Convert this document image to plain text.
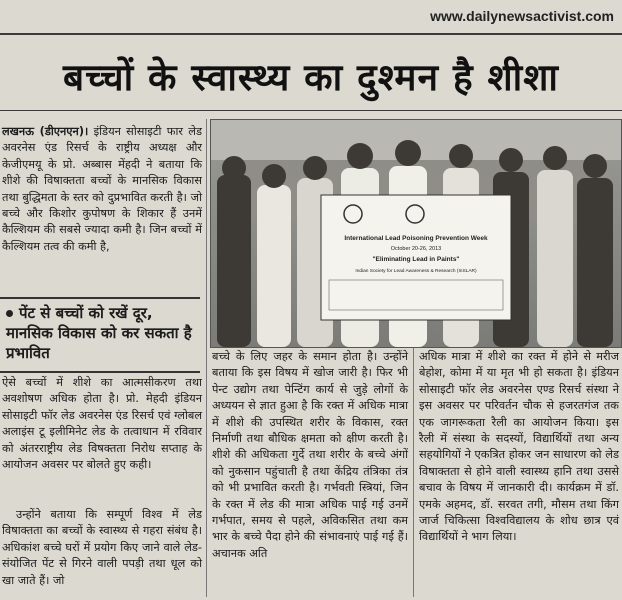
www.dailynewsactivist.com
बच्चों के स्वास्थ्य का दुश्मन है शीशा

लखनऊ (डीएनएन)। इंडियन सोसाइटी फार लेड अवरनेस एंड रिसर्च के राष्ट्रीय अध्यक्ष और केजीएमयू के प्रो. अब्बास मेंहदी ने बताया कि शीशे की विषाक्तता बच्चों के मानसिक विकास तथा बुद्धिमता के स्तर को दुप्रभावित करती है। जो बच्चे और किशोर कुपोषण के शिकार हैं उनमें कैल्शियम की सबसे ज्यादा कमी है। जिन बच्चों में कैल्शियम तत्व की कमी है,

पेंट से बच्चों को रखें दूर, मानसिक विकास को कर सकता है प्रभावित

ऐसे बच्चों में शीशे का आत्मसीकरण तथा अवशोषण अधिक होता है। प्रो. मेहदी इंडियन सोसाइटी फॉर लेड अवरनेस एंड रिसर्च एवं ग्लोबल अलाइंस टू इलीमिनेट लेड के तत्वाधान में रविवार को अंतरराष्ट्रीय लेड विषक्तता निरोध सप्ताह के आयोजन अवसर पर बोलते हुए कही।

उन्होंने बताया कि सम्पूर्ण विश्व में लेड विषाक्तता का बच्चों के स्वास्थ्य से गहरा संबंध है। अधिकांश बच्चे घरों में प्रयोग किए जाने वाले लेड-संयोजित पेंट से गिरने वाली पपड़ी तथा धूल को खा जाते हैं। जो

International Lead Poisoning Prevention Week
October 20-26, 2013
"Eliminating Lead in Paints"
Indian Society for Lead Awareness & Research (InSLAR)

बच्चे के लिए जहर के समान होता है। उन्होंने बताया कि इस विषय में खोज जारी है। फिर भी पेन्ट उद्योग तथा पेन्टिंग कार्य से जुड़े लोगों के अध्ययन से ज्ञात हुआ है कि रक्त में अधिक मात्रा में शीशे की उपस्थित शरीर के विकास, रक्त निर्माणी तथा बौधिक क्षमता को क्षीण करती है। शीशे की अधिकता गुर्दे तथा शरीर के बच्चे अंगों को नुकसान पहुंचाती है तथा केंद्रिय तंत्रिका तंत्र को भी प्रभावित करती है। गर्भवती स्त्रियां, जिन के रक्त में लेड की मात्रा अधिक पाई गई उनमें गर्भपात, समय से पहले, अविकसित तथा कम भार के बच्चे पैदा होने की संभावनाएं पाई गई हैं। अचानक अति

अधिक मात्रा में शीशे का रक्त में होने से मरीज बेहोश, कोमा में या मृत भी हो सकता है। इंडियन सोसाइटी फॉर लेड अवरनेस एण्ड रिसर्च संस्था ने इस अवसर पर परिवर्तन चौक से हजरतगंज तक एक जागरूकता रैली का आयोजन किया। इस रैली में संस्था के सदस्यों, विद्यार्थियों तथा अन्य सहयोगियों ने एकत्रित होकर जन साधारण को लेड विषाक्तता से होने वाली स्वास्थ्य हानि तथा उससे बचाव के विषय में जानकारी दी। कार्यक्रम में डॉ. एमके अहमद, डॉ. सरवत तगी, मौसम तथा किंग जार्ज चिकित्सा विश्वविद्यालय के शोध छात्र एवं विद्यार्थियों ने भाग लिया।
